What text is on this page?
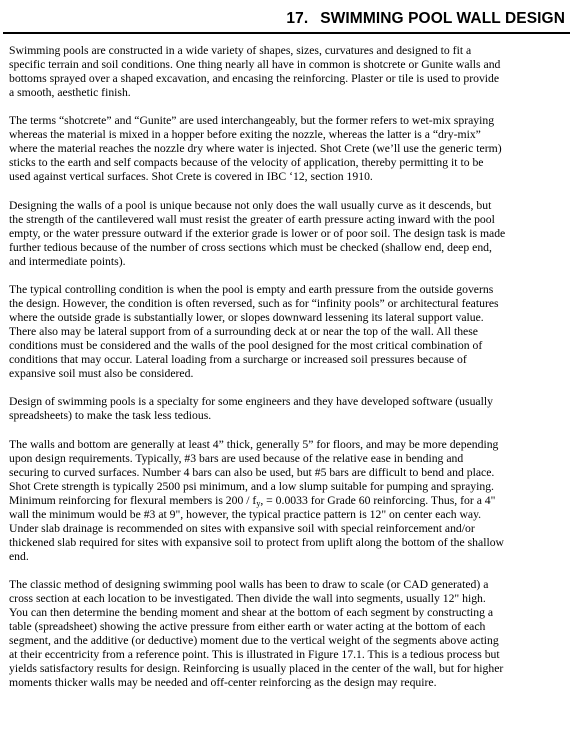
17. SWIMMING POOL WALL DESIGN

Swimming pools are constructed in a wide variety of shapes, sizes, curvatures and designed to fit a
specific terrain and soil conditions. One thing nearly all have in common is shotcrete or Gunite walls and
bottoms sprayed over a shaped excavation, and encasing the reinforcing. Plaster or tile is used to provide
a smooth, aesthetic finish.

The terms “shotcrete” and “Gunite” are used interchangeably, but the former refers to wet-mix spraying
whereas the material is mixed in a hopper before exiting the nozzle, whereas the latter is a “dry-mix”
where the material reaches the nozzle dry where water is injected. Shot Crete (we’ll use the generic term)
sticks to the earth and self compacts because of the velocity of application, thereby permitting it to be
used against vertical surfaces. Shot Crete is covered in IBC ‘12, section 1910.

Designing the walls of a pool is unique because not only does the wall usually curve as it descends, but
the strength of the cantilevered wall must resist the greater of earth pressure acting inward with the pool
empty, or the water pressure outward if the exterior grade is lower or of poor soil. The design task is made
further tedious because of the number of cross sections which must be checked (shallow end, deep end,
and intermediate points).

The typical controlling condition is when the pool is empty and earth pressure from the outside governs
the design. However, the condition is often reversed, such as for “infinity pools” or architectural features
where the outside grade is substantially lower, or slopes downward lessening its lateral support value.
There also may be lateral support from of a surrounding deck at or near the top of the wall. All these
conditions must be considered and the walls of the pool designed for the most critical combination of
conditions that may occur. Lateral loading from a surcharge or increased soil pressures because of
expansive soil must also be considered.

Design of swimming pools is a specialty for some engineers and they have developed software (usually
spreadsheets) to make the task less tedious.

The walls and bottom are generally at least 4” thick, generally 5” for floors, and may be more depending
upon design requirements. Typically, #3 bars are used because of the relative ease in bending and
securing to curved surfaces. Number 4 bars can also be used, but #5 bars are difficult to bend and place.
Shot Crete strength is typically 2500 psi minimum, and a low slump suitable for pumping and spraying.
Minimum reinforcing for flexural members is $200 / f_y$, = 0.0033 for Grade 60 reinforcing. Thus, for a 4"
wall the minimum would be #3 at 9", however, the typical practice pattern is 12" on center each way.
Under slab drainage is recommended on sites with expansive soil with special reinforcement and/or
thickened slab required for sites with expansive soil to protect from uplift along the bottom of the shallow
end.

The classic method of designing swimming pool walls has been to draw to scale (or CAD generated) a
cross section at each location to be investigated. Then divide the wall into segments, usually 12" high.
You can then determine the bending moment and shear at the bottom of each segment by constructing a
table (spreadsheet) showing the active pressure from either earth or water acting at the bottom of each
segment, and the additive (or deductive) moment due to the vertical weight of the segments above acting
at their eccentricity from a reference point. This is illustrated in Figure 17.1. This is a tedious process but
yields satisfactory results for design. Reinforcing is usually placed in the center of the wall, but for higher
moments thicker walls may be needed and off-center reinforcing as the design may require.
